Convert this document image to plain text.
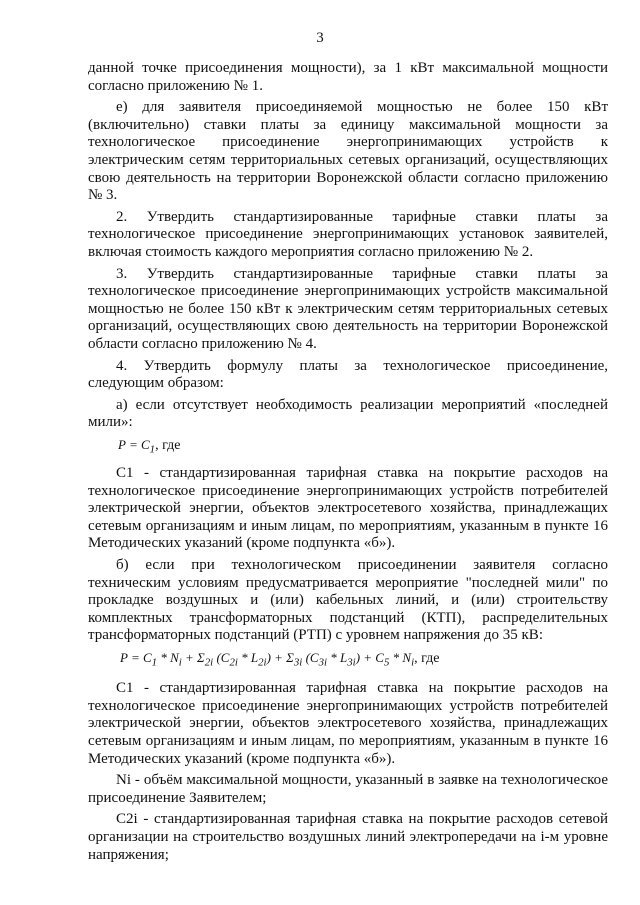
3

данной точке присоединения мощности), за 1 кВт максимальной мощности согласно приложению № 1.

е) для заявителя присоединяемой мощностью не более 150 кВт (включительно) ставки платы за единицу максимальной мощности за технологическое присоединение энергопринимающих устройств к электрическим сетям территориальных сетевых организаций, осуществляющих свою деятельность на территории Воронежской области согласно приложению № 3.

2. Утвердить стандартизированные тарифные ставки платы за технологическое присоединение энергопринимающих установок заявителей, включая стоимость каждого мероприятия согласно приложению № 2.

3. Утвердить стандартизированные тарифные ставки платы за технологическое присоединение энергопринимающих устройств максимальной мощностью не более 150 кВт к электрическим сетям территориальных сетевых организаций, осуществляющих свою деятельность на территории Воронежской области согласно приложению № 4.

4. Утвердить формулу платы за технологическое присоединение, следующим образом:

а) если отсутствует необходимость реализации мероприятий «последней мили»:

$P = C_1$, где

C1 - стандартизированная тарифная ставка на покрытие расходов на технологическое присоединение энергопринимающих устройств потребителей электрической энергии, объектов электросетевого хозяйства, принадлежащих сетевым организациям и иным лицам, по мероприятиям, указанным в пункте 16 Методических указаний (кроме подпункта «б»).

б) если при технологическом присоединении заявителя согласно техническим условиям предусматривается мероприятие "последней мили" по прокладке воздушных и (или) кабельных линий, и (или) строительству комплектных трансформаторных подстанций (КТП), распределительных трансформаторных подстанций (РТП) с уровнем напряжения до 35 кВ:

$P = C_1 * N_i + \Sigma_{2i}$ $(C_{2i} * L_{2i}) + \Sigma_{3i}$ $(C_{3i} * L_{3i}) + C_5 * N_i$, где

C1 - стандартизированная тарифная ставка на покрытие расходов на технологическое присоединение энергопринимающих устройств потребителей электрической энергии, объектов электросетевого хозяйства, принадлежащих сетевым организациям и иным лицам, по мероприятиям, указанным в пункте 16 Методических указаний (кроме подпункта «б»).

Ni - объём максимальной мощности, указанный в заявке на технологическое присоединение Заявителем;

C2i - стандартизированная тарифная ставка на покрытие расходов сетевой организации на строительство воздушных линий электропередачи на i-м уровне напряжения;
